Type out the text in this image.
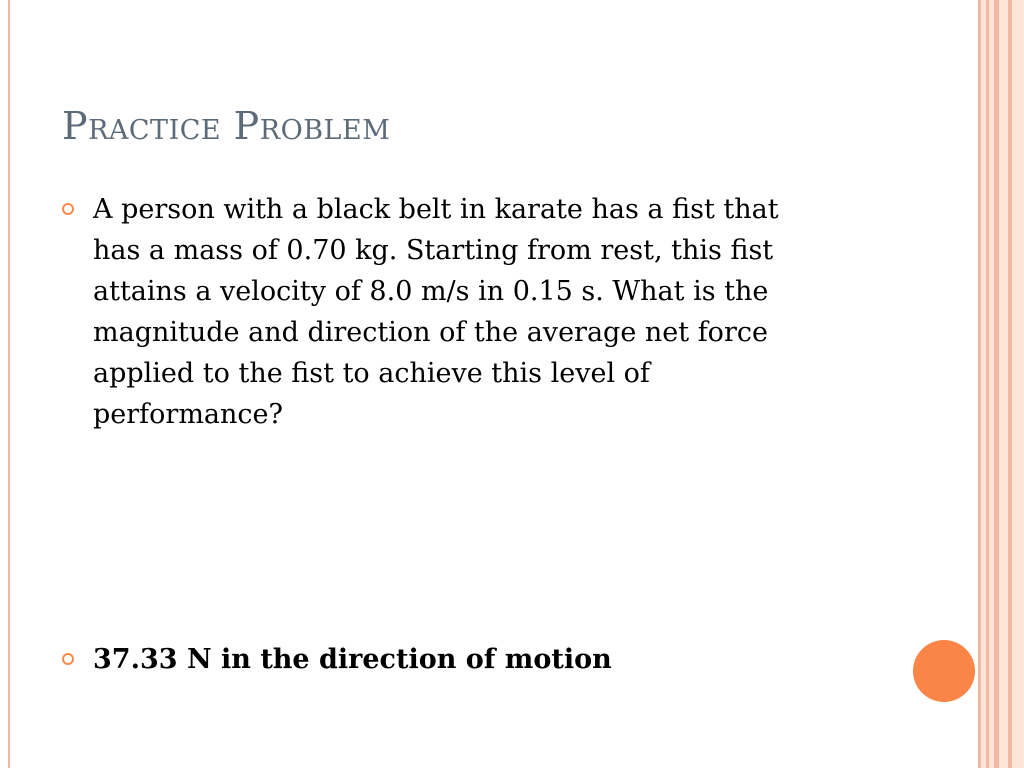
Practice Problem
A person with a black belt in karate has a fist that has a mass of 0.70 kg. Starting from rest, this fist attains a velocity of 8.0 m/s in 0.15 s. What is the magnitude and direction of the average net force applied to the fist to achieve this level of performance?
37.33 N in the direction of motion
